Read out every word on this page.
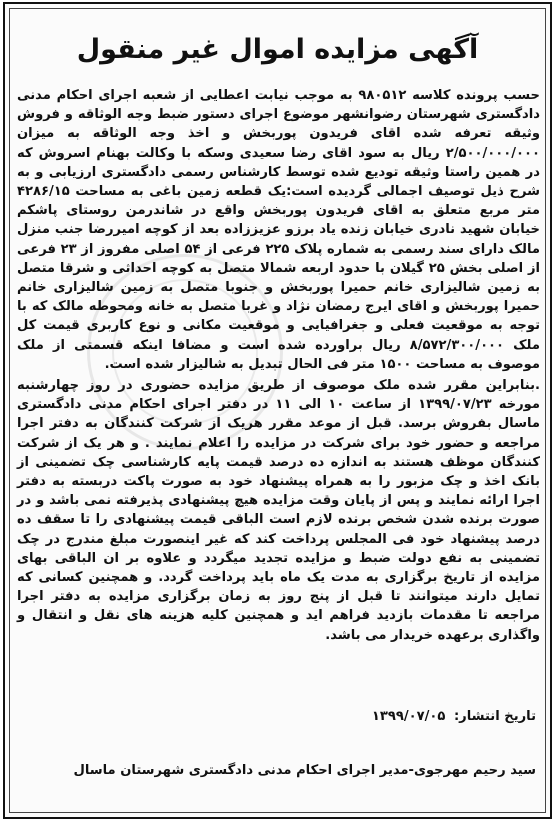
آگهی مزایده اموال غیر منقول

حسب پرونده کلاسه ۹۸۰۵۱۲ به موجب نیابت اعطایی از شعبه اجرای احکام مدنی دادگستری شهرستان رضوانشهر موضوع اجرای دستور ضبط وجه الوثاقه و فروش وثیقه تعرفه شده اقای فریدون پوربخش و اخذ وجه الوثاقه به میزان ۲/۵۰۰/۰۰۰/۰۰۰ ریال به سود اقای رضا سعیدی وسکه با وکالت بهنام اسروش که در همین راستا وثیقه تودیع شده توسط کارشناس رسمی دادگستری ارزیابی و به شرح ذیل توصیف اجمالی گردیده است:یک قطعه زمین باغی به مساحت ۴۲۸۶/۱۵ متر مربع متعلق به اقای فریدون پوربخش واقع در شاندرمن روستای پاشکم خیابان شهید نادری خیابان زنده یاد برزو عزیززاده بعد از کوچه امیررضا جنب منزل مالک دارای سند رسمی به شماره پلاک ۲۲۵ فرعی از ۵۴ اصلی مفروز از ۲۳ فرعی از اصلی بخش ۲۵ گیلان با حدود اربعه شمالا متصل به کوچه احداثی و شرقا متصل به زمین شالیزاری خانم حمیرا پوربخش و جنوبا متصل به زمین شالیزاری خانم حمیرا پوربخش و اقای ایرج رمضان نژاد و غربا متصل به خانه ومحوطه مالک که با توجه به موقعیت فعلی و جغرافیایی و موقعیت مکانی و نوع کاربری قیمت کل ملک ۸/۵۷۲/۳۰۰/۰۰۰ ریال براورده شده است و مضافا اینکه قسمتی از ملک موصوف به مساحت ۱۵۰۰ متر فی الحال تبدیل به شالیزار شده است.

.بنابراین مقرر شده ملک موصوف از طریق مزایده حضوری در روز چهارشنبه مورخه ۱۳۹۹/۰۷/۲۳ از ساعت ۱۰ الی ۱۱ در دفتر اجرای احکام مدنی دادگستری ماسال بفروش برسد. قبل از موعد مقرر هریک از شرکت کنندگان به دفتر اجرا مراجعه و حضور خود برای شرکت در مزایده را اعلام نمایند . و هر یک از شرکت کنندگان موظف هستند به اندازه ده درصد قیمت پایه کارشناسی چک تضمینی از بانک اخذ و چک مزبور را به همراه پیشنهاد خود به صورت پاکت دربسته به دفتر اجرا ارائه نمایند و پس از پایان وقت مزایده هیچ پیشنهادی پذیرفته نمی باشد و در صورت برنده شدن شخص برنده لازم است الباقی قیمت پیشنهادی را تا سقف ده درصد پیشنهاد خود فی المجلس پرداخت کند که غیر اینصورت مبلغ مندرج در چک تضمینی به نفع دولت ضبط و مزایده تجدید میگردد و علاوه بر ان الباقی بهای مزایده از تاریخ برگزاری به مدت یک ماه باید پرداخت گردد. و همچنین کسانی که تمایل دارند میتوانند تا قبل از پنج روز به زمان برگزاری مزایده به دفتر اجرا مراجعه تا مقدمات بازدید فراهم اید و همچنین کلیه هزینه های نقل و انتقال و واگذاری برعهده خریدار می باشد.

تاریخ انتشار: ۱۳۹۹/۰۷/۰۵
سید رحیم مهرجوی-مدیر اجرای احکام مدنی دادگستری شهرستان ماسال
